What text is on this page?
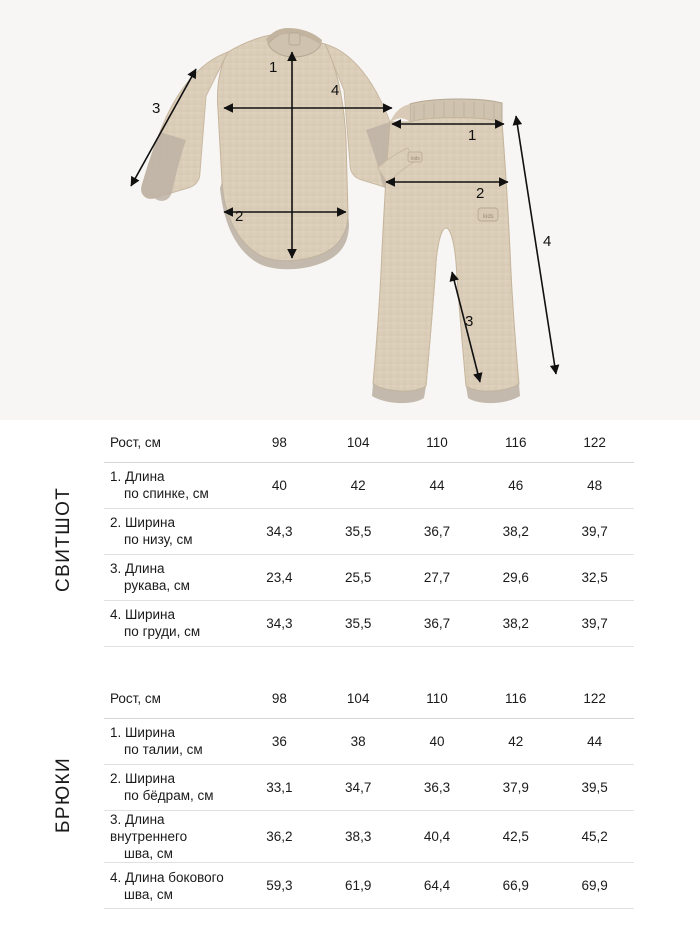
1
2
3
4
kids
kids
1
2
3
4
СВИТШОТ
Рост, см	98	104	110	116	122
1. Длина
по спинке, см	40	42	44	46	48
2. Ширина
по низу, см	34,3	35,5	36,7	38,2	39,7
3. Длина
рукава, см	23,4	25,5	27,7	29,6	32,5
4. Ширина
по груди, см	34,3	35,5	36,7	38,2	39,7
БРЮКИ
Рост, см	98	104	110	116	122
1. Ширина
по талии, см	36	38	40	42	44
2. Ширина
по бёдрам, см	33,1	34,7	36,3	37,9	39,5
3. Длина внутреннего
шва, см	36,2	38,3	40,4	42,5	45,2
4. Длина бокового
шва, см	59,3	61,9	64,4	66,9	69,9
